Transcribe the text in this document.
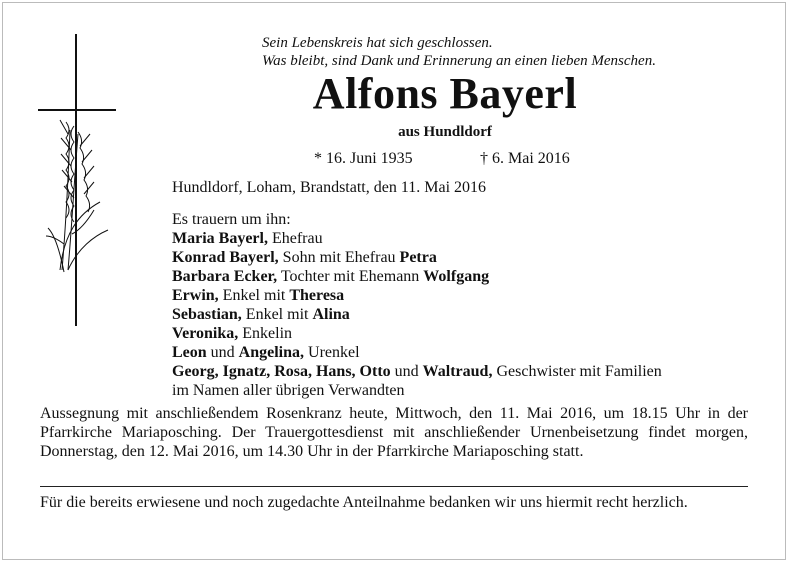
Sein Lebenskreis hat sich geschlossen.
Was bleibt, sind Dank und Erinnerung an einen lieben Menschen.
Alfons Bayerl
aus Hundldorf
* 16. Juni 1935	† 6. Mai 2016
Hundldorf, Loham, Brandstatt, den 11. Mai 2016
Es trauern um ihn:
Maria Bayerl, Ehefrau
Konrad Bayerl, Sohn mit Ehefrau Petra
Barbara Ecker, Tochter mit Ehemann Wolfgang
Erwin, Enkel mit Theresa
Sebastian, Enkel mit Alina
Veronika, Enkelin
Leon und Angelina, Urenkel
Georg, Ignatz, Rosa, Hans, Otto und Waltraud, Geschwister mit Familien
im Namen aller übrigen Verwandten
Aussegnung mit anschließendem Rosenkranz heute, Mittwoch, den 11. Mai 2016, um 18.15 Uhr in der Pfarrkirche Mariaposching. Der Trauergottesdienst mit anschließender Urnenbeisetzung findet morgen, Donnerstag, den 12. Mai 2016, um 14.30 Uhr in der Pfarrkirche Mariaposching statt.
Für die bereits erwiesene und noch zugedachte Anteilnahme bedanken wir uns hiermit recht herzlich.
